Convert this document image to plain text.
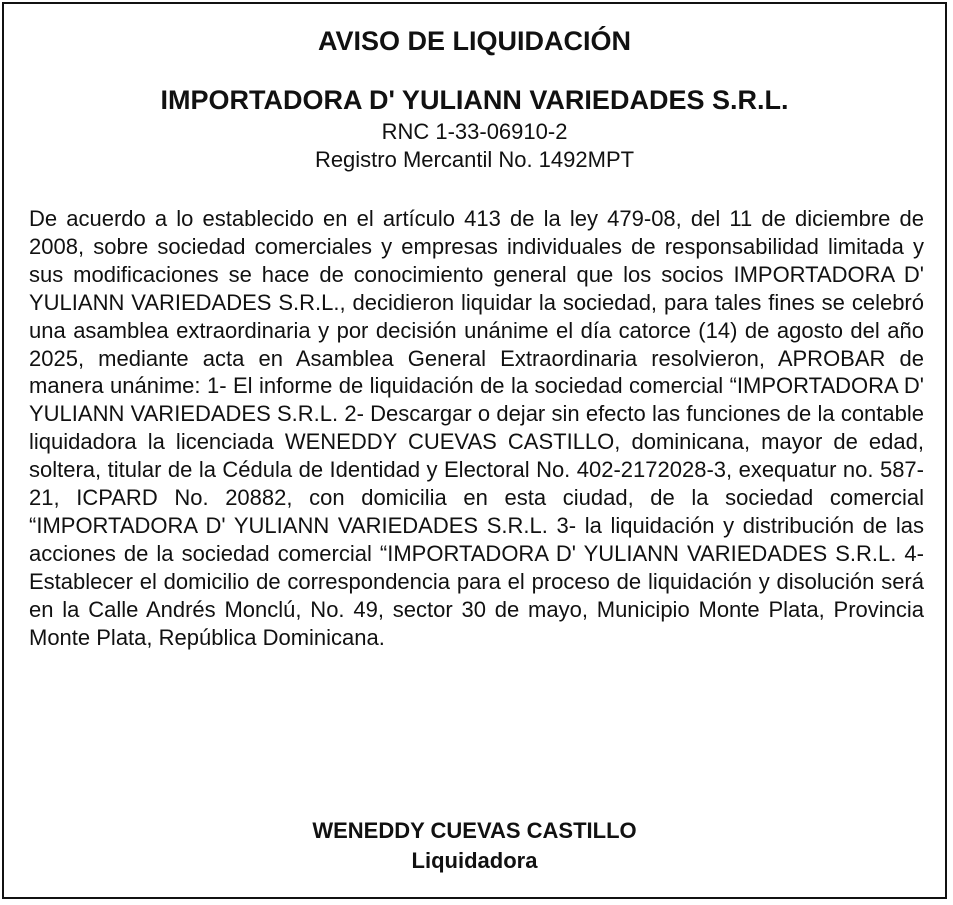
AVISO DE LIQUIDACIÓN
IMPORTADORA D' YULIANN VARIEDADES S.R.L.
RNC 1-33-06910-2
Registro Mercantil No. 1492MPT
De acuerdo a lo establecido en el artículo 413 de la ley 479-08, del 11 de diciembre de 2008, sobre sociedad comerciales y empresas individuales de responsabilidad limitada y sus modificaciones se hace de conocimiento general que los socios IMPORTADORA D' YULIANN VARIEDADES S.R.L., decidieron liquidar la sociedad, para tales fines se celebró una asamblea extraordinaria y por decisión unánime el día catorce (14) de agosto del año 2025, mediante acta en Asamblea General Extraordinaria resolvieron, APROBAR de manera unánime: 1- El informe de liquidación de la sociedad comercial “IMPORTADORA D' YULIANN VARIEDADES S.R.L. 2- Descargar o dejar sin efecto las funciones de la contable liquidadora la licenciada WENEDDY CUEVAS CASTILLO, dominicana, mayor de edad, soltera, titular de la Cédula de Identidad y Electoral No. 402-2172028-3, exequatur no. 587-21, ICPARD No. 20882, con domicilia en esta ciudad, de la sociedad comercial “IMPORTADORA D' YULIANN VARIEDADES S.R.L. 3- la liquidación y distribución de las acciones de la sociedad comercial “IMPORTADORA D' YULIANN VARIEDADES S.R.L. 4-Establecer el domicilio de correspondencia para el proceso de liquidación y disolución será en la Calle Andrés Monclú, No. 49, sector 30 de mayo, Municipio Monte Plata, Provincia Monte Plata, República Dominicana.
WENEDDY CUEVAS CASTILLO
Liquidadora
